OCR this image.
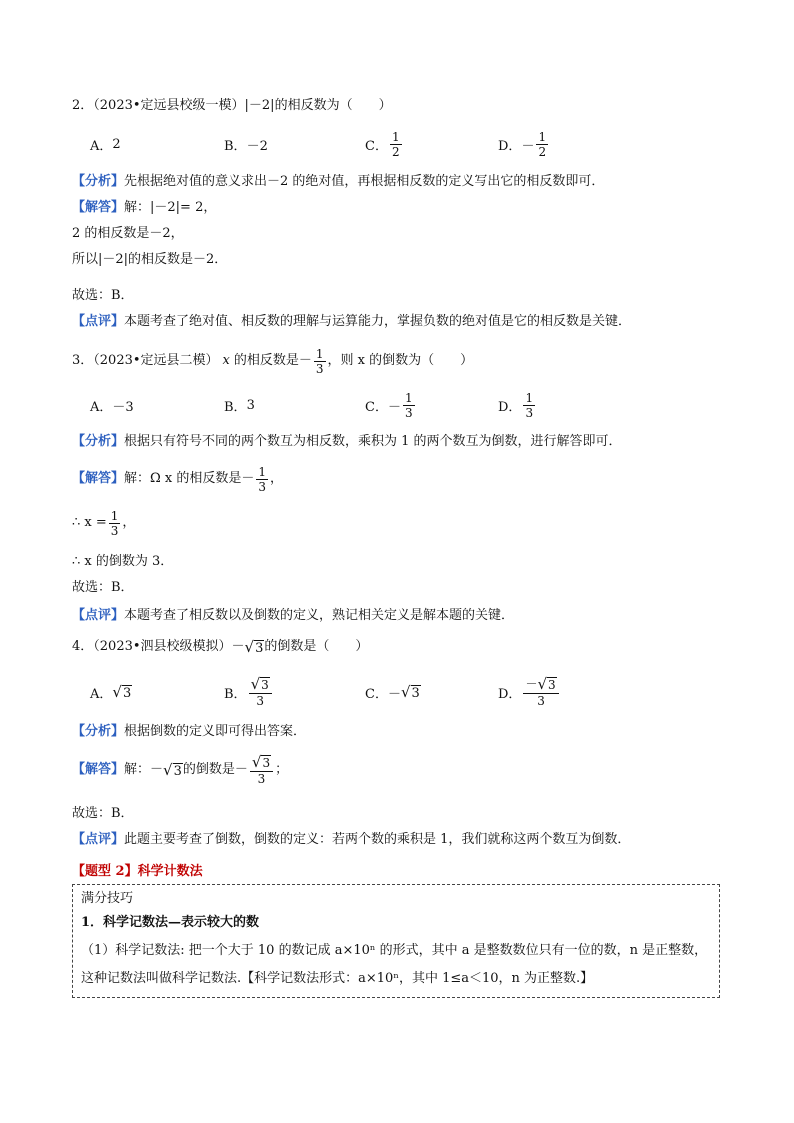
2．（2023•定远县校级一模）|－2|的相反数为（　　）
A． 2	B． －2	C． $\frac{1}{2}$	D． － $\frac{1}{2}$
【分析】先根据绝对值的意义求出－2 的绝对值，再根据相反数的定义写出它的相反数即可．
【解答】解：|－2|= 2，
2 的相反数是－2，
所以|－2|的相反数是－2．
故选：B．
【点评】本题考查了绝对值、相反数的理解与运算能力，掌握负数的绝对值是它的相反数是关键．
3．（2023•定远县二模） x 的相反数是－ $\frac{1}{3}$ ，则 x 的倒数为（　　）
A． －3	B． 3	C． － $\frac{1}{3}$	D． $\frac{1}{3}$
【分析】根据只有符号不同的两个数互为相反数，乘积为 1 的两个数互为倒数，进行解答即可．
【解答】 解：Ω x 的相反数是－ $\frac{1}{3}$ ，
∴ $x = \frac{1}{3}$ ，
∴ x 的倒数为 3．
故选：B．
【点评】本题考查了相反数以及倒数的定义，熟记相关定义是解本题的关键．
4．（2023•泗县校级模拟）－ √ 3 的倒数是（　　）
A． √ 3	B． $\frac{√ 3}{3}$	C． － √ 3	D． $\frac{- √ 3}{3}$
【分析】根据倒数的定义即可得出答案．
【解答】 解：－ √ 3 的倒数是－ $\frac{√ 3}{3}$ ；
故选：B．
【点评】此题主要考查了倒数，倒数的定义：若两个数的乘积是 1，我们就称这两个数互为倒数．
【题型 2】科学计数法
满分技巧
1．科学记数法—表示较大的数
（1）科学记数法: 把一个大于 10 的数记成 a×10ⁿ 的形式，其中 a 是整数数位只有一位的数，n 是正整数，
这种记数法叫做科学记数法.【科学记数法形式：a×10ⁿ，其中 1≤a＜10，n 为正整数.】
